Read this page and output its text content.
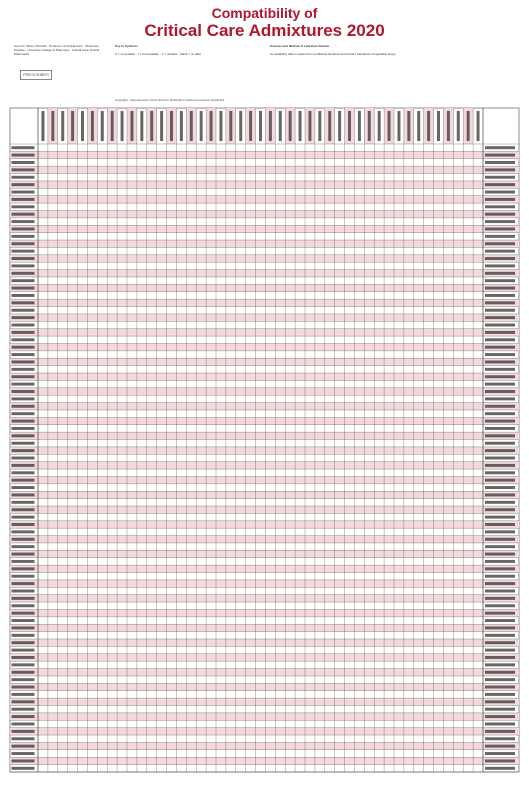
Compatibility of
Critical Care Admixtures 2020
Kevin R. Wires, PharmD · Professor of Critical Care · Pharmacy Practice · University College of Pharmacy · Critical Care Clinical Pharmacist
PRESCRIBER
Key to Symbols
C = compatible · I = incompatible · V = variable · blank = no data
Sources and Method of Literature Review
Compatibility data compiled from published literature and trissel's handbook of injectable drugs.
Copyright - Reproduction of this chart for distribution without permission prohibited.
